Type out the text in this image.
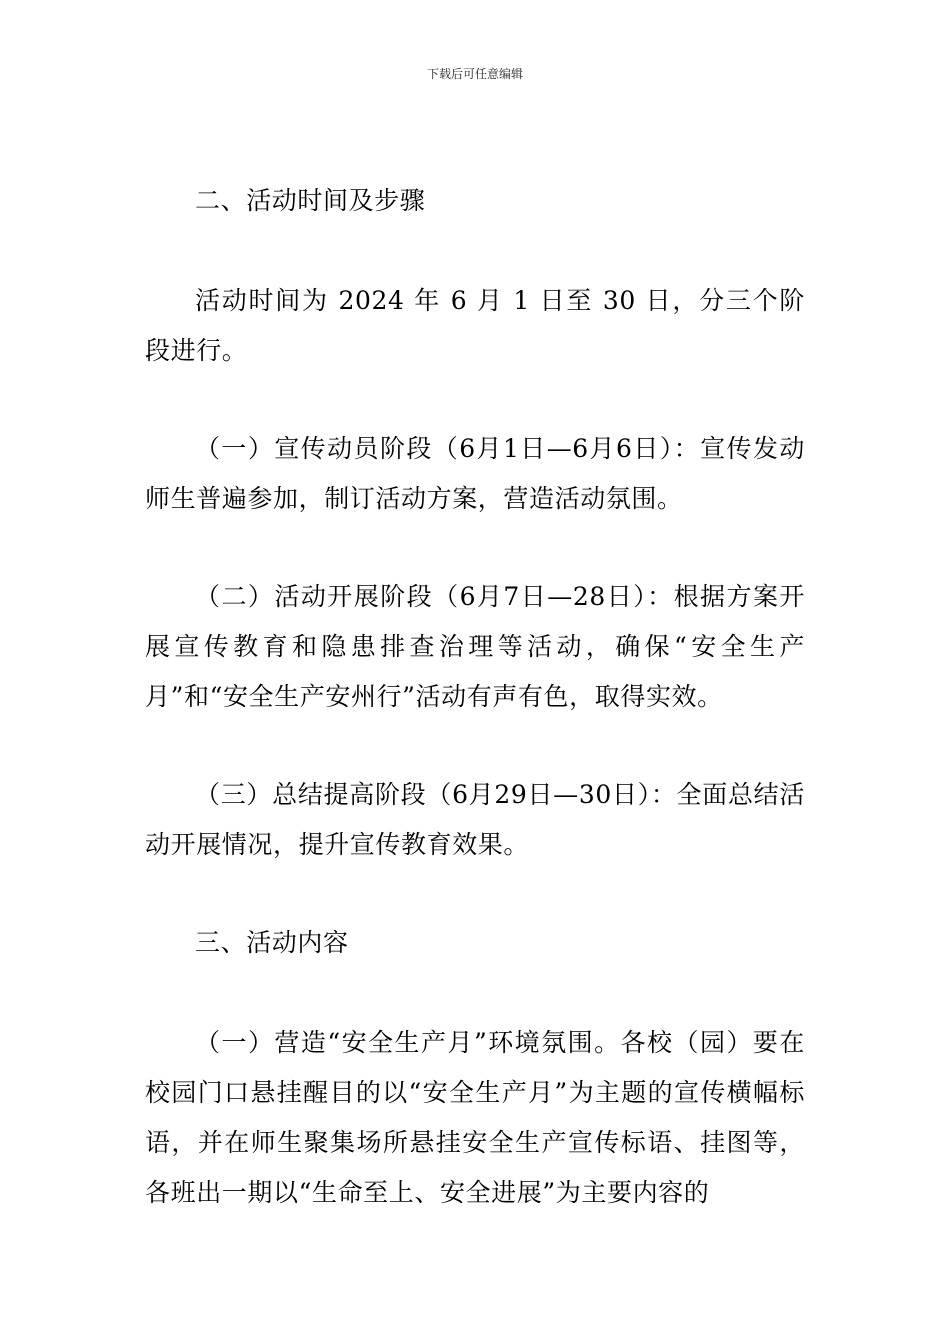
下载后可任意编辑

二、活动时间及步骤

活动时间为 2024 年 6 月 1 日至 30 日，分三个阶段进行。

（一）宣传动员阶段（6月1日—6月6日）：宣传发动师生普遍参加，制订活动方案，营造活动氛围。

（二）活动开展阶段（6月7日—28日）：根据方案开展宣传教育和隐患排查治理等活动，确保“安全生产月”和“安全生产安州行”活动有声有色，取得实效。

（三）总结提高阶段（6月29日—30日）：全面总结活动开展情况，提升宣传教育效果。

三、活动内容

（一）营造“安全生产月”环境氛围。各校（园）要在校园门口悬挂醒目的以“安全生产月”为主题的宣传横幅标语，并在师生聚集场所悬挂安全生产宣传标语、挂图等，各班出一期以“生命至上、安全进展”为主要内容的
